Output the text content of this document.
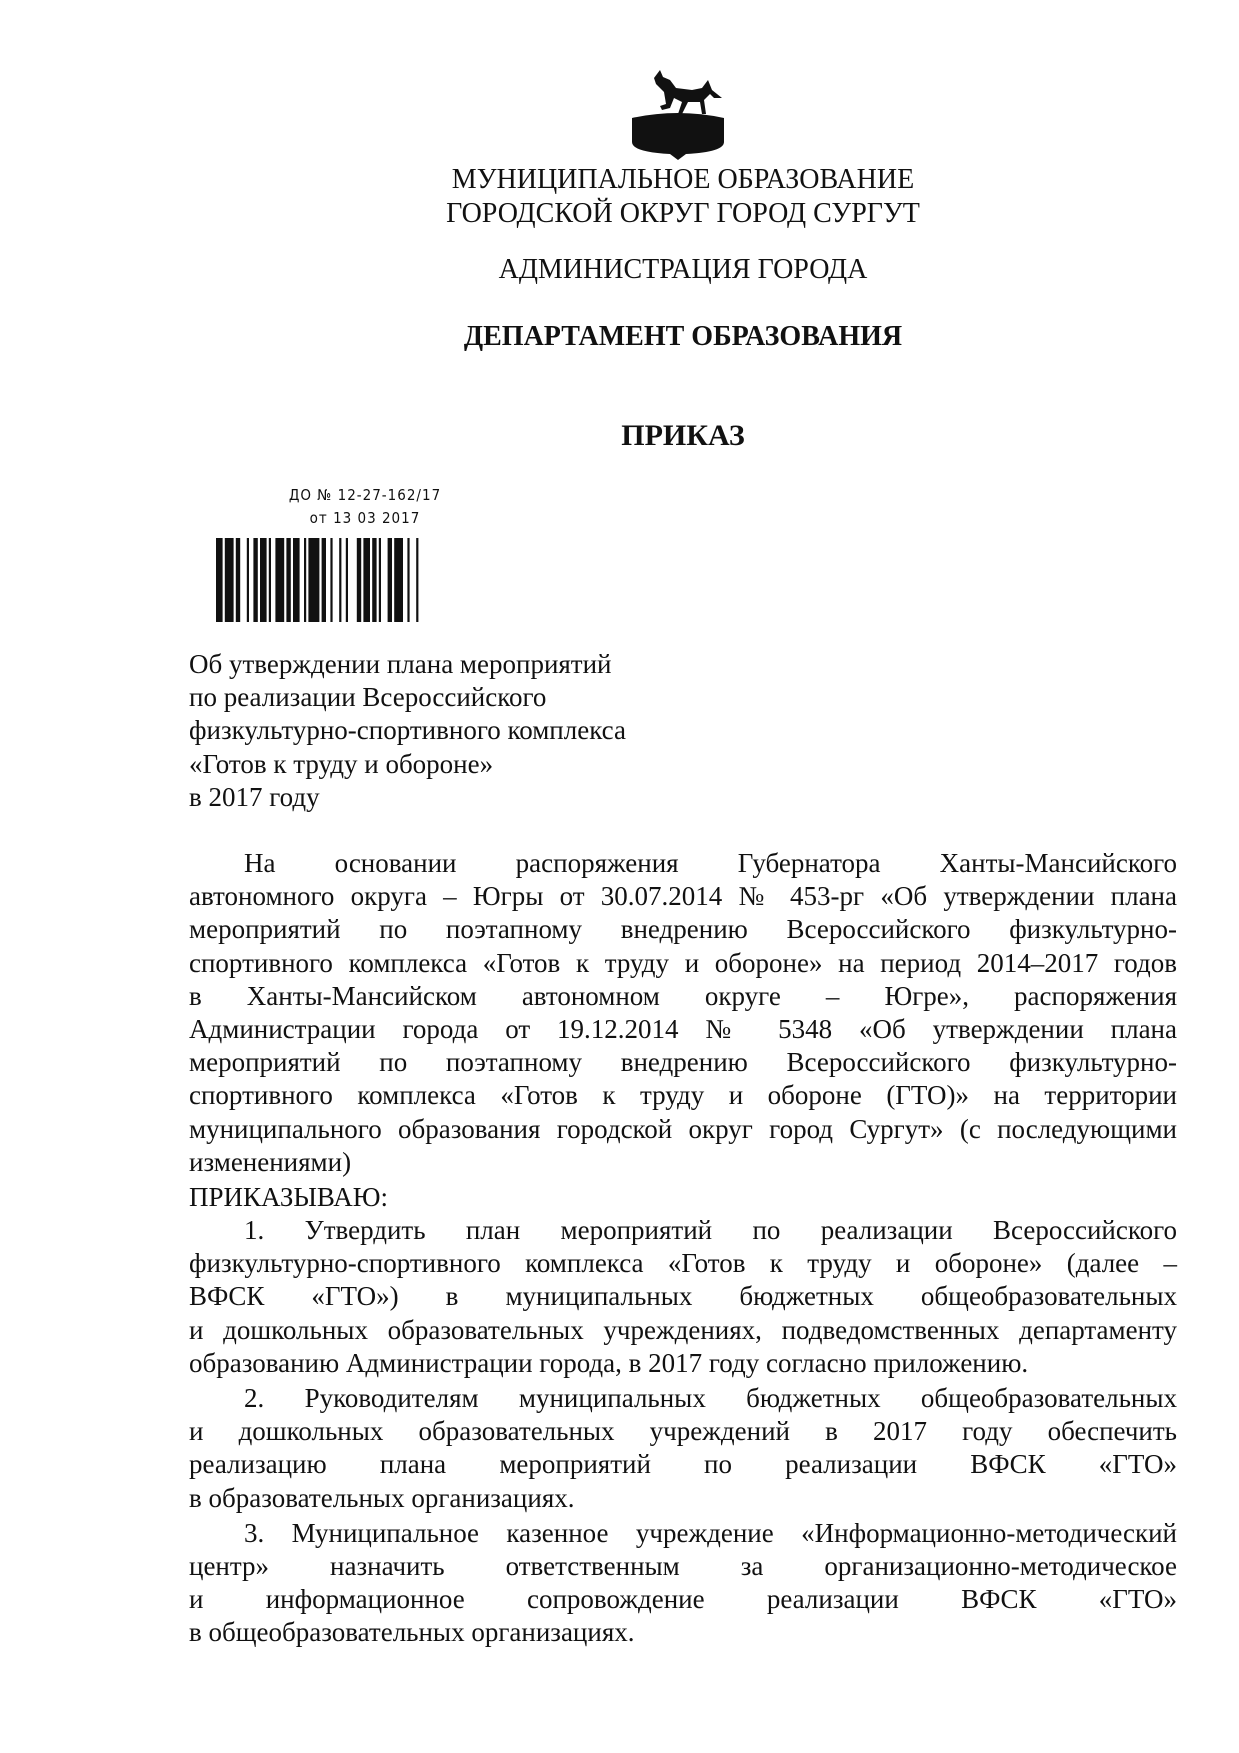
МУНИЦИПАЛЬНОЕ ОБРАЗОВАНИЕ
ГОРОДСКОЙ ОКРУГ ГОРОД СУРГУТ
АДМИНИСТРАЦИЯ ГОРОДА
ДЕПАРТАМЕНТ ОБРАЗОВАНИЯ
ПРИКАЗ
ДО № 12-27-162/17
от 13 03 2017
Об утверждении плана мероприятий
по реализации Всероссийского
физкультурно-спортивного комплекса
«Готов к труду и обороне»
в 2017 году
На основании распоряжения Губернатора Ханты-Мансийского
автономного округа – Югры от 30.07.2014 № 453-рг «Об утверждении плана
мероприятий по поэтапному внедрению Всероссийского физкультурно-
спортивного комплекса «Готов к труду и обороне» на период 2014–2017 годов
в Ханты-Мансийском автономном округе – Югре», распоряжения
Администрации города от 19.12.2014 № 5348 «Об утверждении плана
мероприятий по поэтапному внедрению Всероссийского физкультурно-
спортивного комплекса «Готов к труду и обороне (ГТО)» на территории
муниципального образования городской округ город Сургут» (с последующими
изменениями)
ПРИКАЗЫВАЮ:
1. Утвердить план мероприятий по реализации Всероссийского
физкультурно-спортивного комплекса «Готов к труду и обороне» (далее –
ВФСК «ГТО») в муниципальных бюджетных общеобразовательных
и дошкольных образовательных учреждениях, подведомственных департаменту
образованию Администрации города, в 2017 году согласно приложению.
2. Руководителям муниципальных бюджетных общеобразовательных
и дошкольных образовательных учреждений в 2017 году обеспечить
реализацию плана мероприятий по реализации ВФСК «ГТО»
в образовательных организациях.
3. Муниципальное казенное учреждение «Информационно-методический
центр» назначить ответственным за организационно-методическое
и информационное сопровождение реализации ВФСК «ГТО»
в общеобразовательных организациях.
